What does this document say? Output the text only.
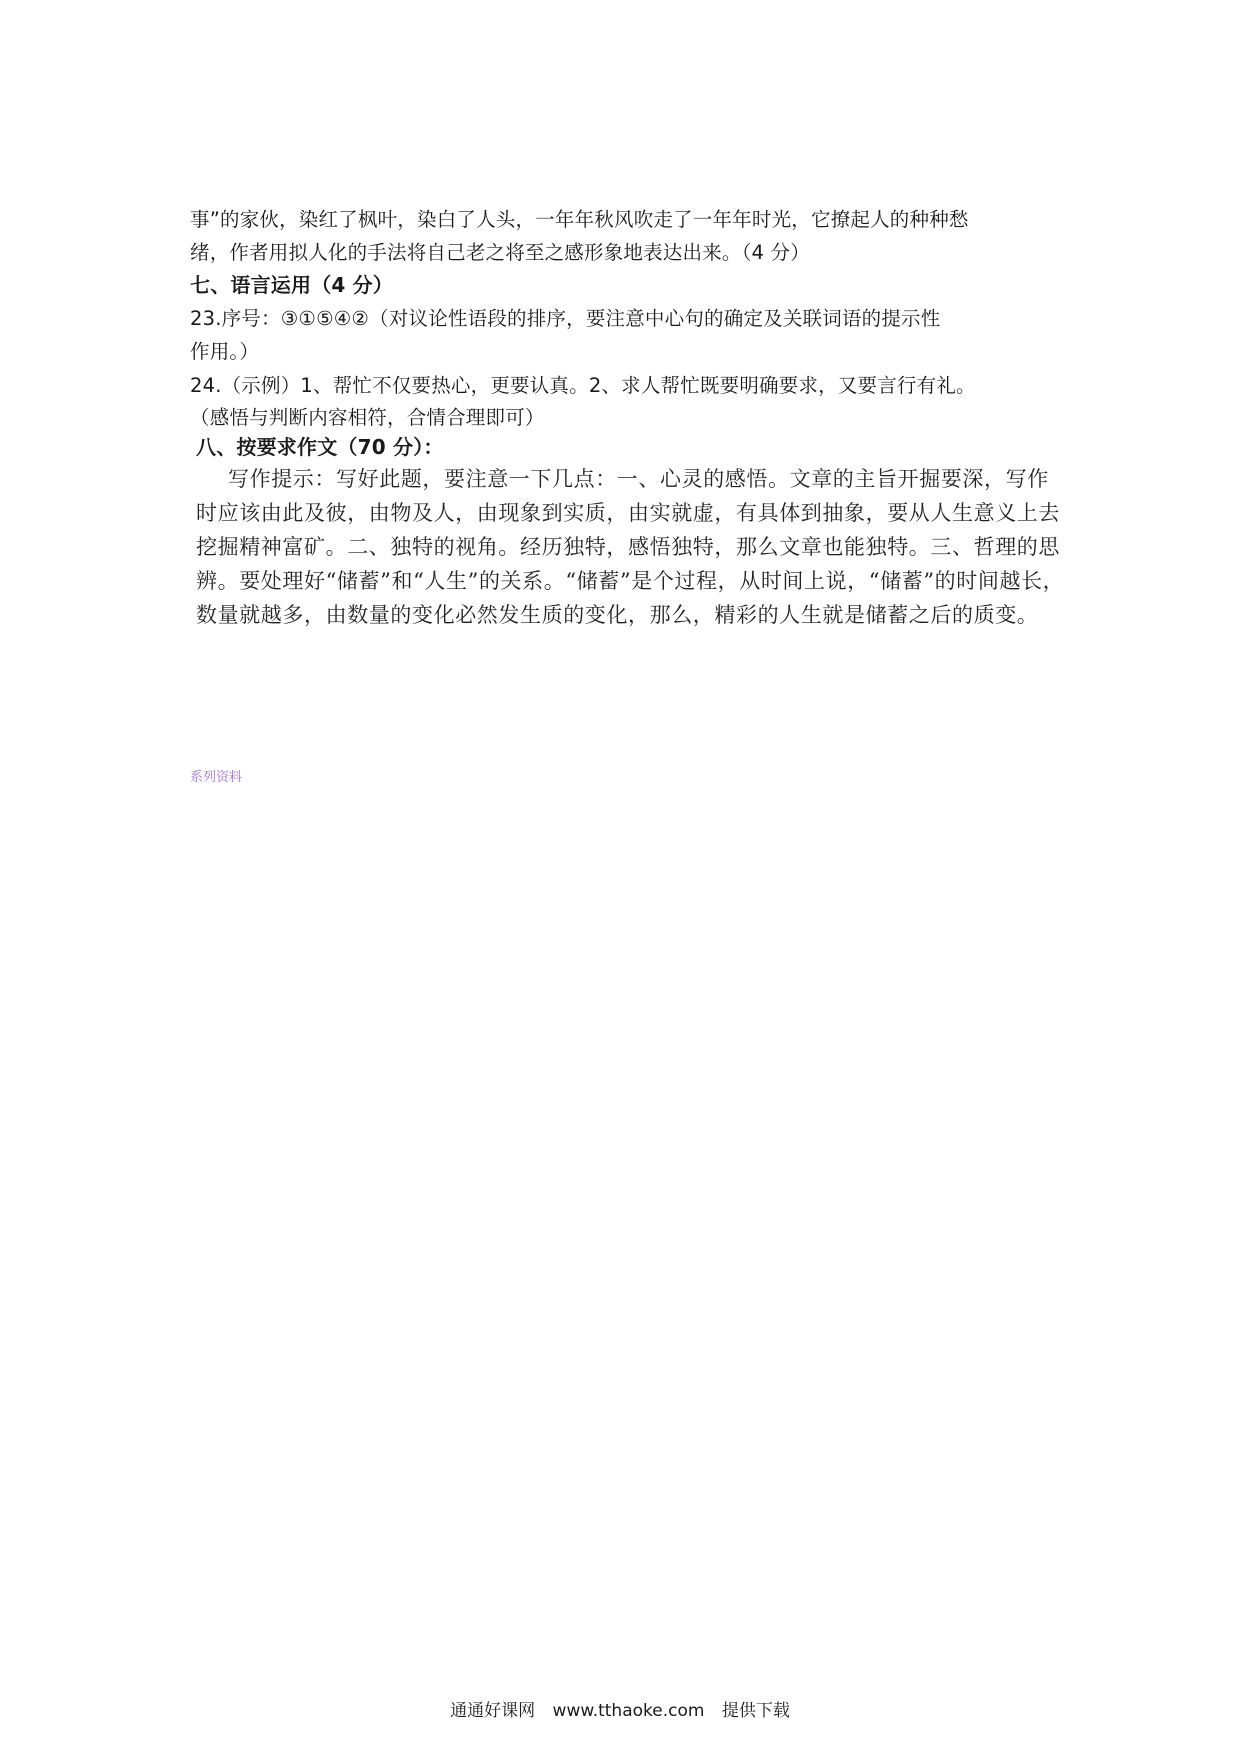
事”的家伙，染红了枫叶，染白了人头，一年年秋风吹走了一年年时光，它撩起人的种种愁
绪，作者用拟人化的手法将自己老之将至之感形象地表达出来。（4 分）
七、语言运用（4 分）
23.序号：③①⑤④②（对议论性语段的排序，要注意中心句的确定及关联词语的提示性
作用。）
24.（示例）1、帮忙不仅要热心，更要认真。2、求人帮忙既要明确要求，又要言行有礼。
（感悟与判断内容相符，合情合理即可）
八、按要求作文（70 分）：
写作提示：写好此题，要注意一下几点：一、心灵的感悟。文章的主旨开掘要深，写作
时应该由此及彼，由物及人，由现象到实质，由实就虚，有具体到抽象，要从人生意义上去
挖掘精神富矿。二、独特的视角。经历独特，感悟独特，那么文章也能独特。三、哲理的思
辨。要处理好“储蓄”和“人生”的关系。“储蓄”是个过程，从时间上说，“储蓄”的时间越长，
数量就越多，由数量的变化必然发生质的变化，那么，精彩的人生就是储蓄之后的质变。
系列资料
通通好课网 www.tthaoke.com 提供下载
